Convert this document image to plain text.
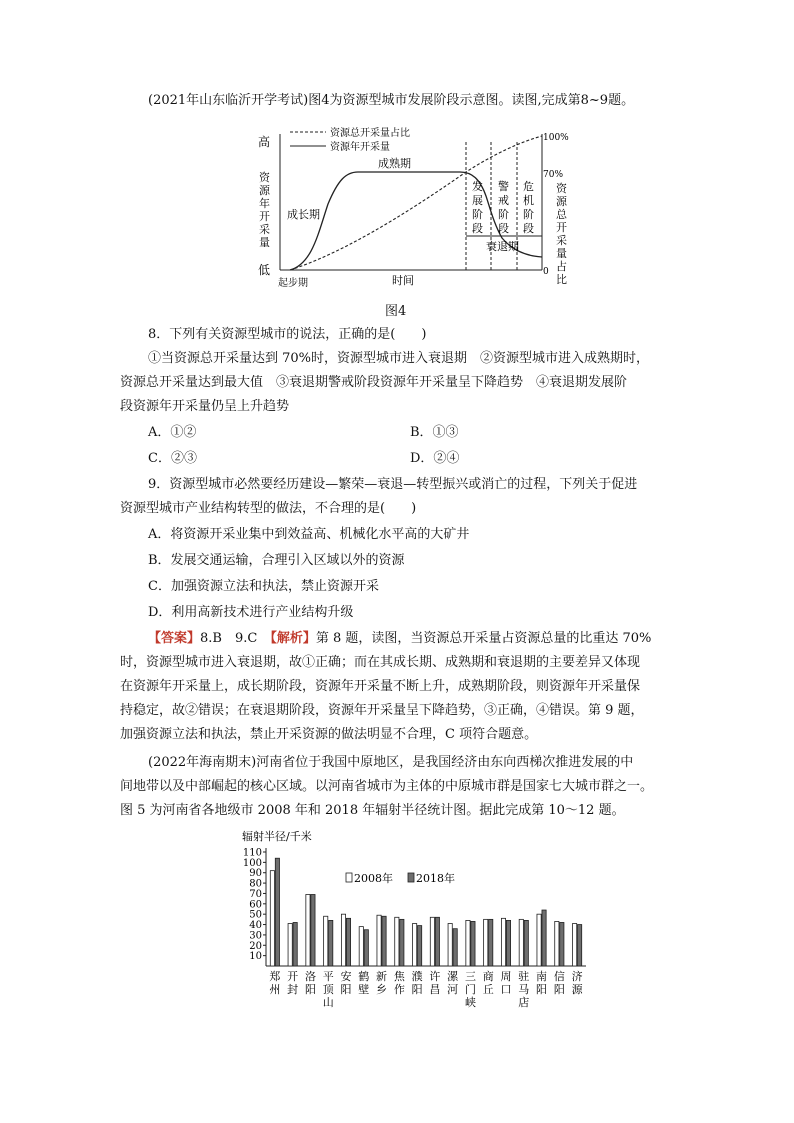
(2021年山东临沂开学考试)图4为资源型城市发展阶段示意图。读图,完成第8~9题。
高
低
资
源
年
开
采
量
100%
70%
0
资
源
总
开
采
量
占
比
资源总开采量占比
资源年开采量
成熟期
成长期
起步期	时间
发
展
阶
段
警
戒
阶
段
危
机
阶
段
衰退期
图4
8．下列有关资源型城市的说法，正确的是(　　)
①当资源总开采量达到 70%时，资源型城市进入衰退期　②资源型城市进入成熟期时，
资源总开采量达到最大值　③衰退期警戒阶段资源年开采量呈下降趋势　④衰退期发展阶
段资源年开采量仍呈上升趋势
A．①②	B．①③
C．②③	D．②④
9．资源型城市必然要经历建设—繁荣—衰退—转型振兴或消亡的过程，下列关于促进
资源型城市产业结构转型的做法，不合理的是(　　)
A．将资源开采业集中到效益高、机械化水平高的大矿井
B．发展交通运输，合理引入区域以外的资源
C．加强资源立法和执法，禁止资源开采
D．利用高新技术进行产业结构升级
【答案】8.B　9.C　【解析】第 8 题，读图，当资源总开采量占资源总量的比重达 70%
时，资源型城市进入衰退期，故①正确；而在其成长期、成熟期和衰退期的主要差异又体现
在资源年开采量上，成长期阶段，资源年开采量不断上升，成熟期阶段，则资源年开采量保
持稳定，故②错误；在衰退期阶段，资源年开采量呈下降趋势，③正确，④错误。第 9 题，
加强资源立法和执法，禁止开采资源的做法明显不合理，C 项符合题意。
(2022年海南期末)河南省位于我国中原地区，是我国经济由东向西梯次推进发展的中
间地带以及中部崛起的核心区域。以河南省城市为主体的中原城市群是国家七大城市群之一。
图 5 为河南省各地级市 2008 年和 2018 年辐射半径统计图。据此完成第 10～12 题。
辐射半径/千米
10
20
30
40
50
60
70
80
90
100
110
郑
州
开
封
洛
阳
平
顶
山
安
阳
鹤
壁
新
乡
焦
作
濮
阳
许
昌
漯
河
三
门
峡
商
丘
周
口
驻
马
店
南
阳
信
阳
济
源
2008年 2018年
